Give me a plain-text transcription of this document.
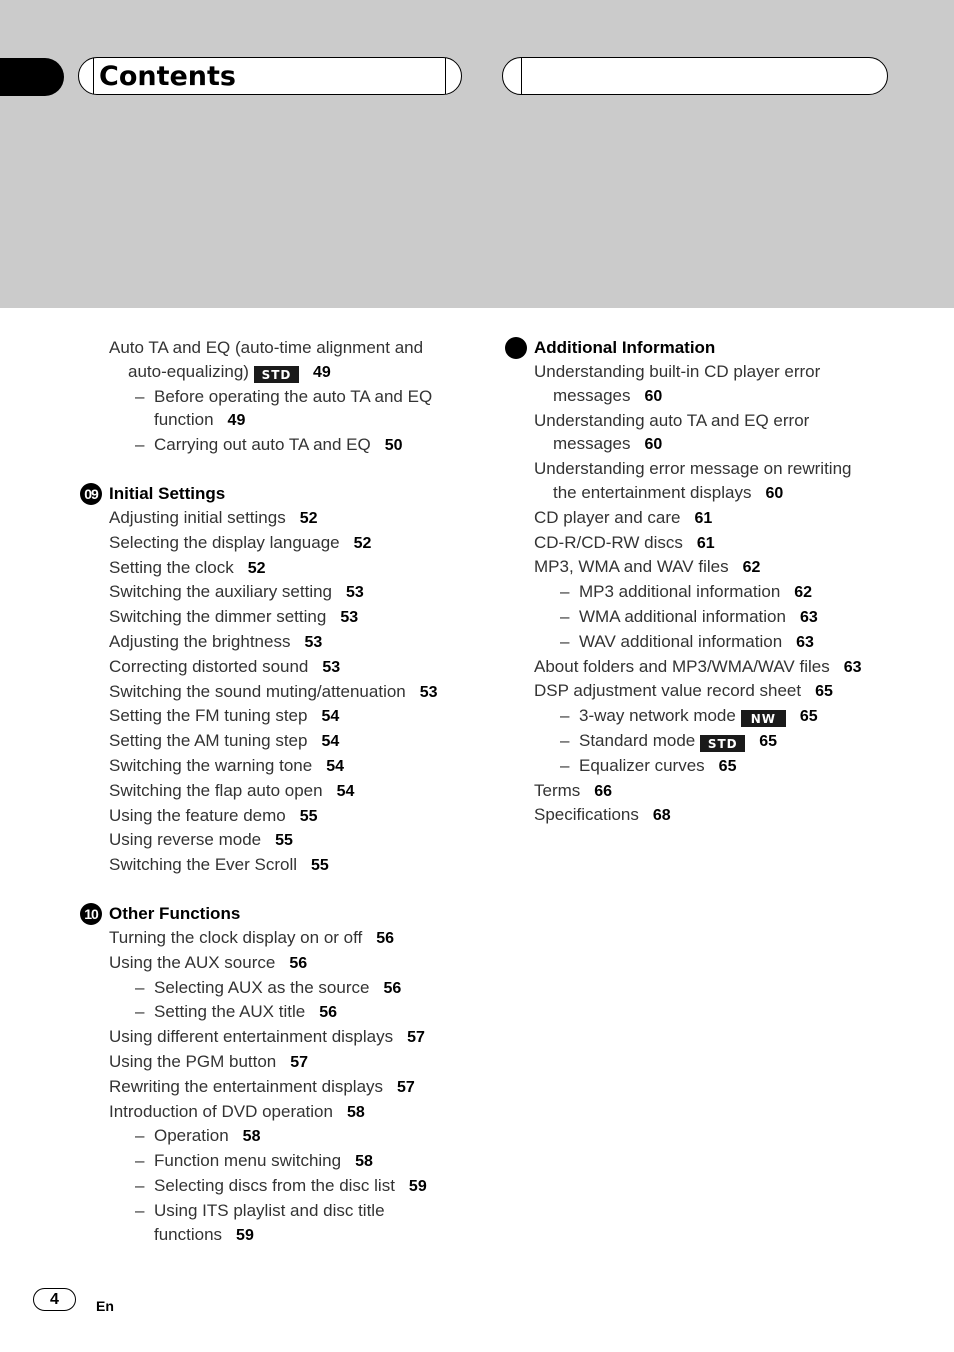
Contents
Auto TA and EQ (auto-time alignment and
auto-equalizing) STD 49
– Before operating the auto TA and EQ
function 49
– Carrying out auto TA and EQ 50
09 Initial Settings
Adjusting initial settings 52
Selecting the display language 52
Setting the clock 52
Switching the auxiliary setting 53
Switching the dimmer setting 53
Adjusting the brightness 53
Correcting distorted sound 53
Switching the sound muting/attenuation 53
Setting the FM tuning step 54
Setting the AM tuning step 54
Switching the warning tone 54
Switching the flap auto open 54
Using the feature demo 55
Using reverse mode 55
Switching the Ever Scroll 55
10 Other Functions
Turning the clock display on or off 56
Using the AUX source 56
– Selecting AUX as the source 56
– Setting the AUX title 56
Using different entertainment displays 57
Using the PGM button 57
Rewriting the entertainment displays 57
Introduction of DVD operation 58
– Operation 58
– Function menu switching 58
– Selecting discs from the disc list 59
– Using ITS playlist and disc title
functions 59
Additional Information
Understanding built-in CD player error
messages 60
Understanding auto TA and EQ error
messages 60
Understanding error message on rewriting
the entertainment displays 60
CD player and care 61
CD-R/CD-RW discs 61
MP3, WMA and WAV files 62
– MP3 additional information 62
– WMA additional information 63
– WAV additional information 63
About folders and MP3/WMA/WAV files 63
DSP adjustment value record sheet 65
– 3-way network mode NW 65
– Standard mode STD 65
– Equalizer curves 65
Terms 66
Specifications 68
4	En
